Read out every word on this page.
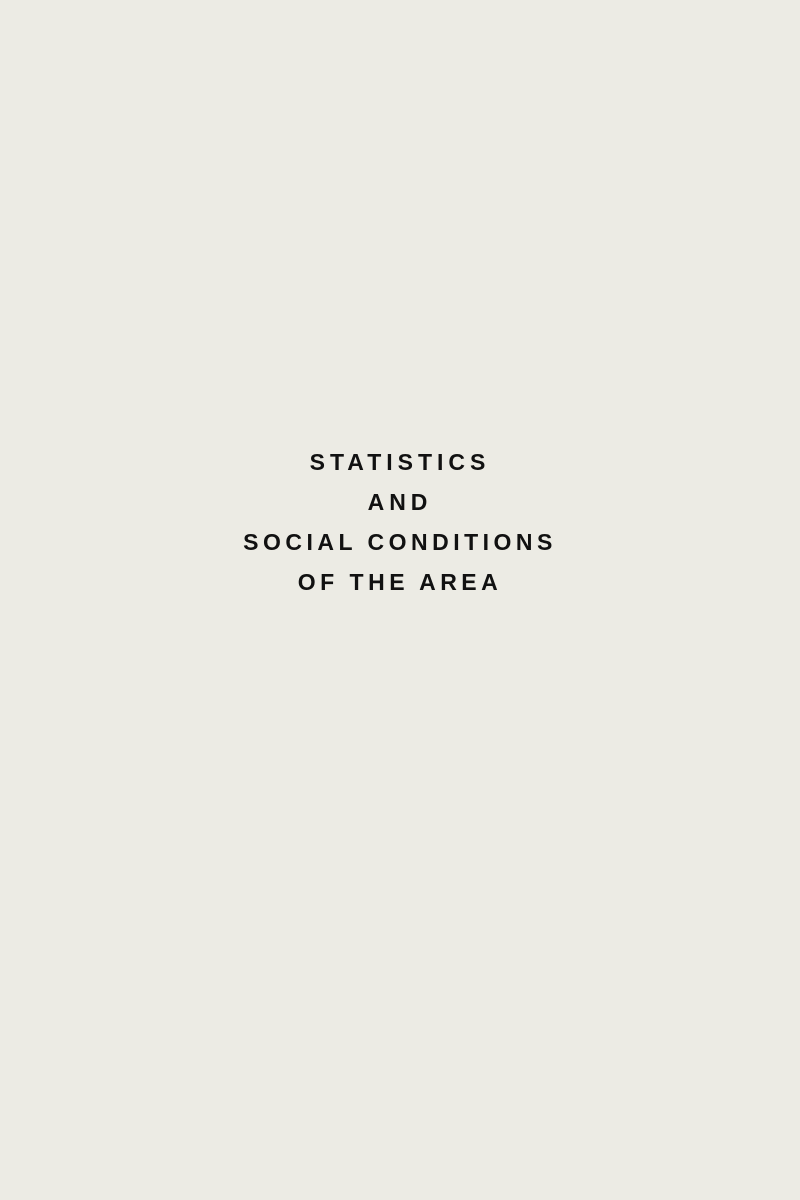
STATISTICS
AND
SOCIAL CONDITIONS
OF THE AREA
